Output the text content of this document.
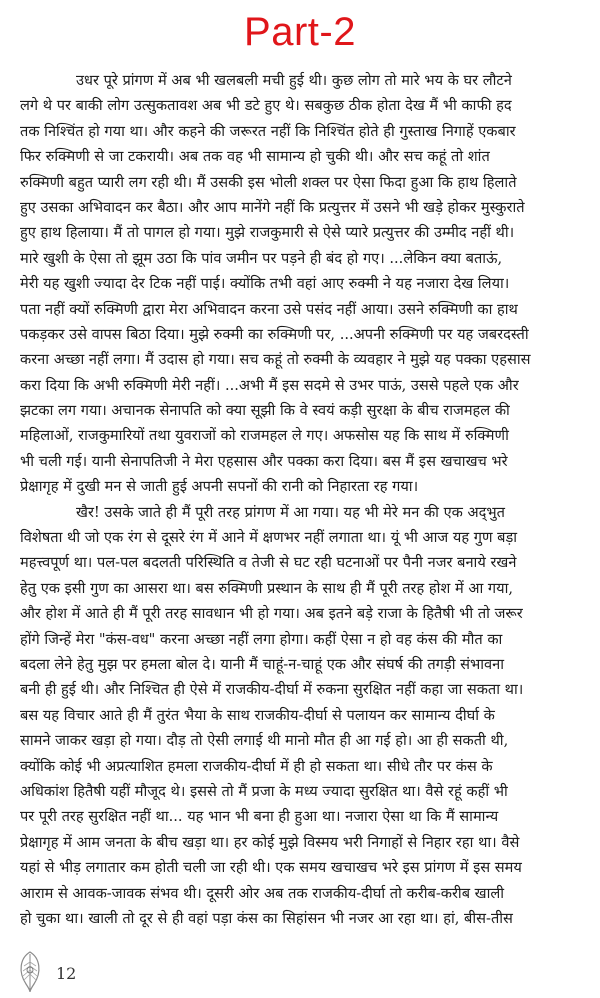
Part-2
उधर पूरे प्रांगण में अब भी खलबली मची हुई थी। कुछ लोग तो मारे भय के घर लौटने
लगे थे पर बाकी लोग उत्सुकतावश अब भी डटे हुए थे। सबकुछ ठीक होता देख मैं भी काफी हद
तक निश्चिंत हो गया था। और कहने की जरूरत नहीं कि निश्चिंत होते ही गुस्ताख निगाहें एकबार
फिर रुक्मिणी से जा टकरायी। अब तक वह भी सामान्य हो चुकी थी। और सच कहूं तो शांत
रुक्मिणी बहुत प्यारी लग रही थी। मैं उसकी इस भोली शक्ल पर ऐसा फिदा हुआ कि हाथ हिलाते
हुए उसका अभिवादन कर बैठा। और आप मानेंगे नहीं कि प्रत्युत्तर में उसने भी खड़े होकर मुस्कुराते
हुए हाथ हिलाया। मैं तो पागल हो गया। मुझे राजकुमारी से ऐसे प्यारे प्रत्युत्तर की उम्मीद नहीं थी।
मारे खुशी के ऐसा तो झूम उठा कि पांव जमीन पर पड़ने ही बंद हो गए। ...लेकिन क्या बताऊं,
मेरी यह खुशी ज्यादा देर टिक नहीं पाई। क्योंकि तभी वहां आए रुक्मी ने यह नजारा देख लिया।
पता नहीं क्यों रुक्मिणी द्वारा मेरा अभिवादन करना उसे पसंद नहीं आया। उसने रुक्मिणी का हाथ
पकड़कर उसे वापस बिठा दिया। मुझे रुक्मी का रुक्मिणी पर, ...अपनी रुक्मिणी पर यह जबरदस्ती
करना अच्छा नहीं लगा। मैं उदास हो गया। सच कहूं तो रुक्मी के व्यवहार ने मुझे यह पक्का एहसास
करा दिया कि अभी रुक्मिणी मेरी नहीं। ...अभी मैं इस सदमे से उभर पाऊं, उससे पहले एक और
झटका लग गया। अचानक सेनापति को क्या सूझी कि वे स्वयं कड़ी सुरक्षा के बीच राजमहल की
महिलाओं, राजकुमारियों तथा युवराजों को राजमहल ले गए। अफसोस यह कि साथ में रुक्मिणी
भी चली गई। यानी सेनापतिजी ने मेरा एहसास और पक्का करा दिया। बस मैं इस खचाखच भरे
प्रेक्षागृह में दुखी मन से जाती हुई अपनी सपनों की रानी को निहारता रह गया।
खैर! उसके जाते ही मैं पूरी तरह प्रांगण में आ गया। यह भी मेरे मन की एक अद्‌भुत
विशेषता थी जो एक रंग से दूसरे रंग में आने में क्षणभर नहीं लगाता था। यूं भी आज यह गुण बड़ा
महत्त्वपूर्ण था। पल-पल बदलती परिस्थिति व तेजी से घट रही घटनाओं पर पैनी नजर बनाये रखने
हेतु एक इसी गुण का आसरा था। बस रुक्मिणी प्रस्थान के साथ ही मैं पूरी तरह होश में आ गया,
और होश में आते ही मैं पूरी तरह सावधान भी हो गया। अब इतने बड़े राजा के हितैषी भी तो जरूर
होंगे जिन्हें मेरा "कंस-वध" करना अच्छा नहीं लगा होगा। कहीं ऐसा न हो वह कंस की मौत का
बदला लेने हेतु मुझ पर हमला बोल दे। यानी मैं चाहूं-न-चाहूं एक और संघर्ष की तगड़ी संभावना
बनी ही हुई थी। और निश्चित ही ऐसे में राजकीय-दीर्घा में रुकना सुरक्षित नहीं कहा जा सकता था।
बस यह विचार आते ही मैं तुरंत भैया के साथ राजकीय-दीर्घा से पलायन कर सामान्य दीर्घा के
सामने जाकर खड़ा हो गया। दौड़ तो ऐसी लगाई थी मानो मौत ही आ गई हो। आ ही सकती थी,
क्योंकि कोई भी अप्रत्याशित हमला राजकीय-दीर्घा में ही हो सकता था। सीधे तौर पर कंस के
अधिकांश हितैषी यहीं मौजूद थे। इससे तो मैं प्रजा के मध्य ज्यादा सुरक्षित था। वैसे रहूं कहीं भी
पर पूरी तरह सुरक्षित नहीं था... यह भान भी बना ही हुआ था। नजारा ऐसा था कि मैं सामान्य
प्रेक्षागृह में आम जनता के बीच खड़ा था। हर कोई मुझे विस्मय भरी निगाहों से निहार रहा था। वैसे
यहां से भीड़ लगातार कम होती चली जा रही थी। एक समय खचाखच भरे इस प्रांगण में इस समय
आराम से आवक-जावक संभव थी। दूसरी ओर अब तक राजकीय-दीर्घा तो करीब-करीब खाली
हो चुका था। खाली तो दूर से ही वहां पड़ा कंस का सिहांसन भी नजर आ रहा था। हां, बीस-तीस
12
